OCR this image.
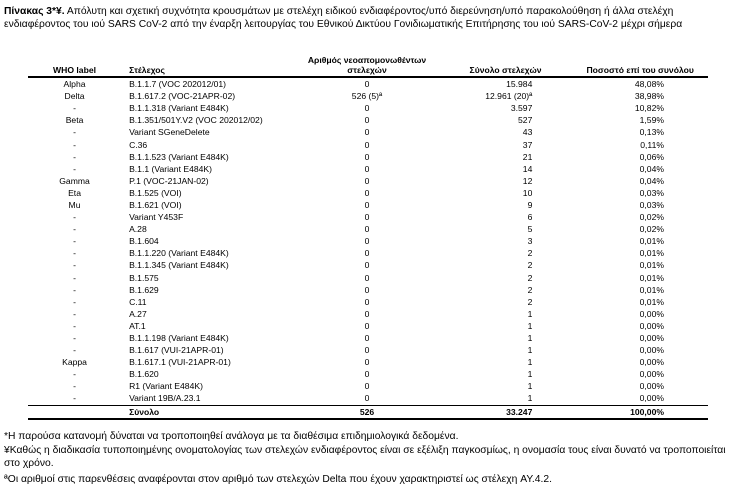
Πίνακας 3*¥. Απόλυτη και σχετική συχνότητα κρουσμάτων με στελέχη ειδικού ενδιαφέροντος/υπό διερεύνηση/υπό παρακολούθηση ή άλλα στελέχη ενδιαφέροντος του ιού SARS CoV-2 από την έναρξη λειτουργίας του Εθνικού Δικτύου Γονιδιωματικής Επιτήρησης του ιού SARS-CoV-2 μέχρι σήμερα
WHO label	Στέλεχος	Αριθμός νεοαπομονωθέντων στελεχών	Σύνολο στελεχών	Ποσοστό επί του συνόλου
Alpha	B.1.1.7 (VOC 202012/01)	0	15.984	48,08%
Delta	B.1.617.2 (VOC-21APR-02)	526 (5)ª	12.961 (20)ª	38,98%
-	B.1.1.318 (Variant E484K)	0	3.597	10,82%
Beta	B.1.351/501Y.V2 (VOC 202012/02)	0	527	1,59%
-	Variant SGeneDelete	0	43	0,13%
-	C.36	0	37	0,11%
-	B.1.1.523 (Variant E484K)	0	21	0,06%
-	B.1.1 (Variant E484K)	0	14	0,04%
Gamma	P.1 (VOC-21JAN-02)	0	12	0,04%
Eta	B.1.525 (VOI)	0	10	0,03%
Mu	B.1.621 (VOI)	0	9	0,03%
-	Variant Y453F	0	6	0,02%
-	A.28	0	5	0,02%
-	B.1.604	0	3	0,01%
-	B.1.1.220 (Variant E484K)	0	2	0,01%
-	B.1.1.345 (Variant E484K)	0	2	0,01%
-	B.1.575	0	2	0,01%
-	B.1.629	0	2	0,01%
-	C.11	0	2	0,01%
-	A.27	0	1	0,00%
-	AT.1	0	1	0,00%
-	B.1.1.198 (Variant E484K)	0	1	0,00%
-	B.1.617 (VUI-21APR-01)	0	1	0,00%
Kappa	B.1.617.1 (VUI-21APR-01)	0	1	0,00%
-	B.1.620	0	1	0,00%
-	R1 (Variant E484K)	0	1	0,00%
-	Variant 19B/A.23.1	0	1	0,00%
	Σύνολο	526	33.247	100,00%

*Η παρούσα κατανομή δύναται να τροποποιηθεί ανάλογα με τα διαθέσιμα επιδημιολογικά δεδομένα.

¥Καθώς η διαδικασία τυποποιημένης ονοματολογίας των στελεχών ενδιαφέροντος είναι σε εξέλιξη παγκοσμίως, η ονομασία τους είναι δυνατό να τροποποιείται στο χρόνο.

ªΟι αριθμοί στις παρενθέσεις αναφέρονται στον αριθμό των στελεχών Delta που έχουν χαρακτηριστεί ως στέλεχη AY.4.2.
